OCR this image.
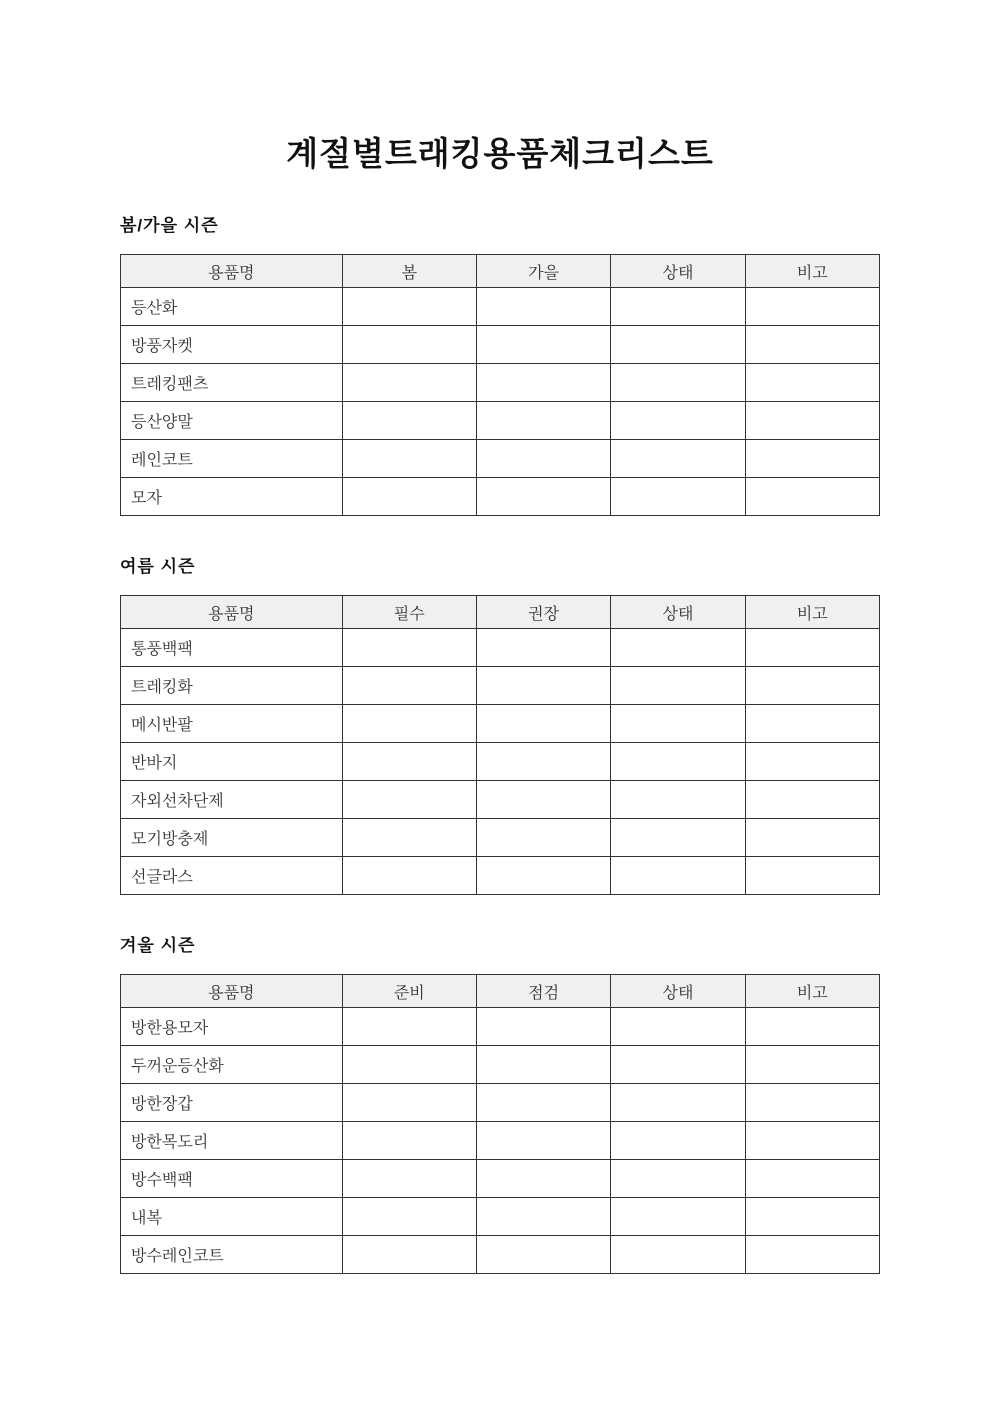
계절별트래킹용품체크리스트
봄/가을 시즌
용품명	봄	가을	상태	비고
등산화				
방풍자켓				
트레킹팬츠				
등산양말				
레인코트				
모자				
여름 시즌
용품명	필수	권장	상태	비고
통풍백팩				
트레킹화				
메시반팔				
반바지				
자외선차단제				
모기방충제				
선글라스				
겨울 시즌
용품명	준비	점검	상태	비고
방한용모자				
두꺼운등산화				
방한장갑				
방한목도리				
방수백팩				
내복				
방수레인코트				
